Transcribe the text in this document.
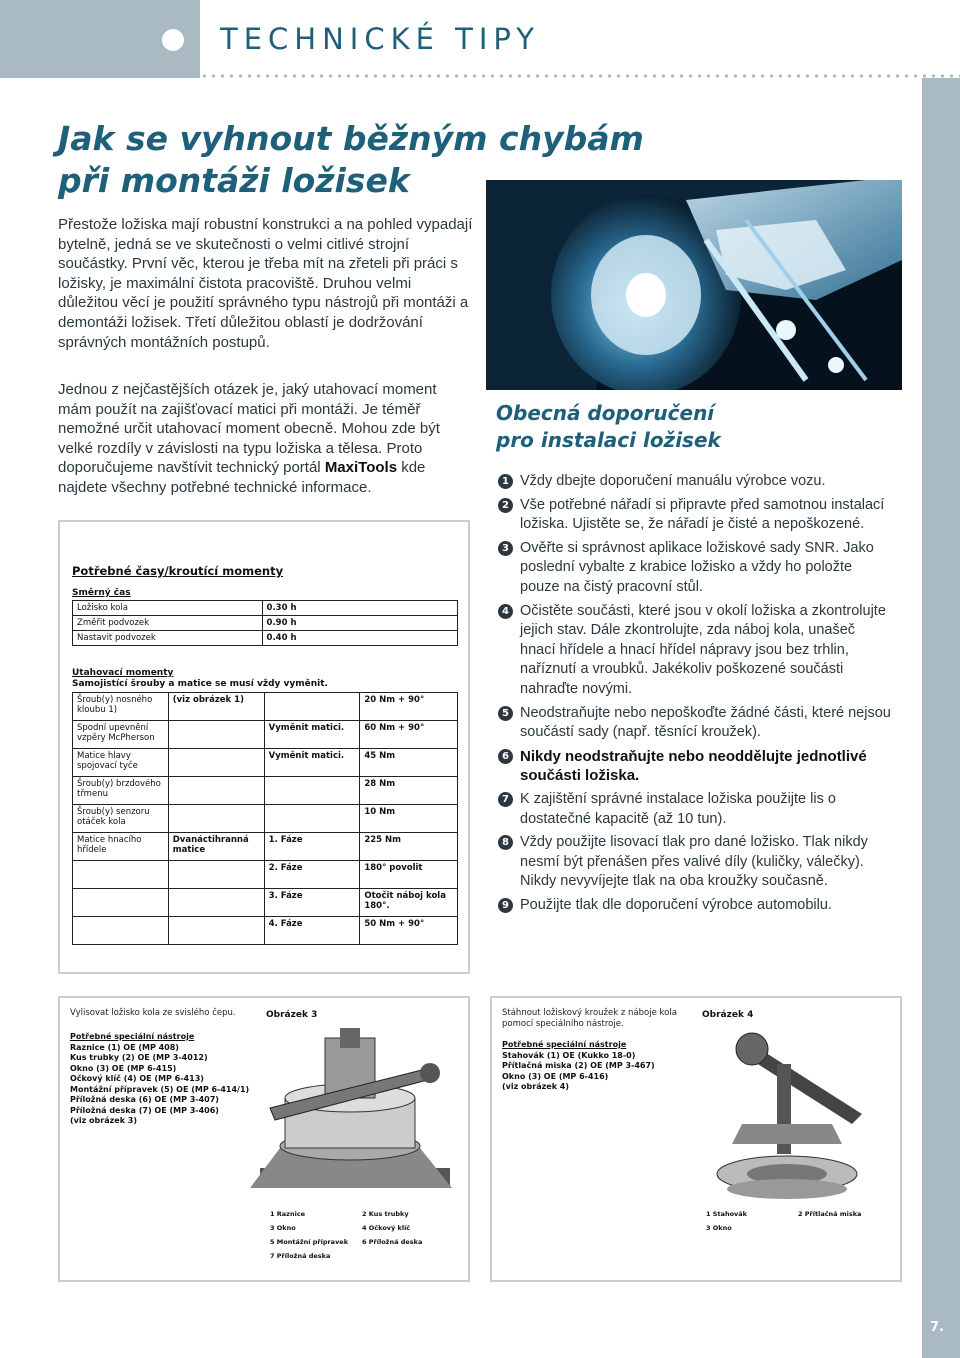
TECHNICKÉ TIPY
7.
Jak se vyhnout běžným chybám
při montáži ložisek

Přestože ložiska mají robustní konstrukci a na pohled vypadají bytelně, jedná se ve skutečnosti o velmi citlivé strojní součástky. První věc, kterou je třeba mít na zřeteli při práci s ložisky, je maximální čistota pracoviště. Druhou velmi důležitou věcí je použití správného typu nástrojů při montáži a demontáži ložisek. Třetí důležitou oblastí je dodržování správných montážních postupů.

Jednou z nejčastějších otázek je, jaký utahovací moment mám použít na zajišťovací matici při montáži. Je téměř nemožné určit utahovací moment obecně. Mohou zde být velké rozdíly v závislosti na typu ložiska a tělesa. Proto doporučujeme navštívit technický portál MaxiTools kde najdete všechny potřebné technické informace.

Obecná doporučení
pro instalaci ložisek
1 Vždy dbejte doporučení manuálu výrobce vozu.
2 Vše potřebné nářadí si připravte před samotnou instalací ložiska. Ujistěte se, že nářadí je čisté a nepoškozené.
3 Ověřte si správnost aplikace ložiskové sady SNR. Jako poslední vybalte z krabice ložisko a vždy ho položte pouze na čistý pracovní stůl.
4 Očistěte součásti, které jsou v okolí ložiska a zkontrolujte jejich stav. Dále zkontrolujte, zda náboj kola, unašeč hnací hřídele a hnací hřídel nápravy jsou bez trhlin, naříznutí a vroubků. Jakékoliv poškozené součásti nahraďte novými.
5 Neodstraňujte nebo nepoškoďte žádné části, které nejsou součástí sady (např. těsnící kroužek).
6 Nikdy neodstraňujte nebo neoddělujte jednotlivé součásti ložiska.
7 K zajištění správné instalace ložiska použijte lis o dostatečné kapacitě (až 10 tun).
8 Vždy použijte lisovací tlak pro dané ložisko. Tlak nikdy nesmí být přenášen přes valivé díly (kuličky, válečky). Nikdy nevyvíjejte tlak na oba kroužky současně.
9 Použijte tlak dle doporučení výrobce automobilu.
Potřebné časy/kroutící momenty
Směrný čas
Ložisko kola	0.30 h
Změřit podvozek	0.90 h
Nastavit podvozek	0.40 h
Utahovací momenty
Samojistící šrouby a matice se musí vždy vyměnit.
Šroub(y) nosného kloubu 1)	(viz obrázek 1)		20 Nm + 90°
Spodní upevnění vzpěry McPherson		Vyměnit matici.	60 Nm + 90°
Matice hlavy spojovací tyče		Vyměnit matici.	45 Nm
Šroub(y) brzdového třmenu			28 Nm
Šroub(y) senzoru otáček kola			10 Nm
Matice hnacího hřídele	Dvanáctihranná matice	1. Fáze	225 Nm
		2. Fáze	180° povolit
		3. Fáze	Otočit náboj kola 180°.
		4. Fáze	50 Nm + 90°
Vylisovat ložisko kola ze svislého čepu.	Obrázek 3
Potřebné speciální nástroje
Raznice (1) OE (MP 408)
Kus trubky (2) OE (MP 3-4012)
Okno (3) OE (MP 6-415)
Očkový klíč (4) OE (MP 6-413)
Montážní přípravek (5) OE (MP 6-414/1)
Příložná deska (6) OE (MP 3-407)
Příložná deska (7) OE (MP 3-406)
(viz obrázek 3)
1 Raznice	2 Kus trubky
3 Okno	4 Očkový klíč
5 Montážní přípravek 6 Příložná deska
7 Příložná deska
Stáhnout ložiskový kroužek z náboje kola pomocí speciálního nástroje.
Obrázek 4
Potřebné speciální nástroje
Stahovák (1) OE (Kukko 18-0)
Přítlačná miska (2) OE (MP 3-467)
Okno (3) OE (MP 6-416)
(viz obrázek 4)
1 Stahovák	2 Přítlačná miska
3 Okno
